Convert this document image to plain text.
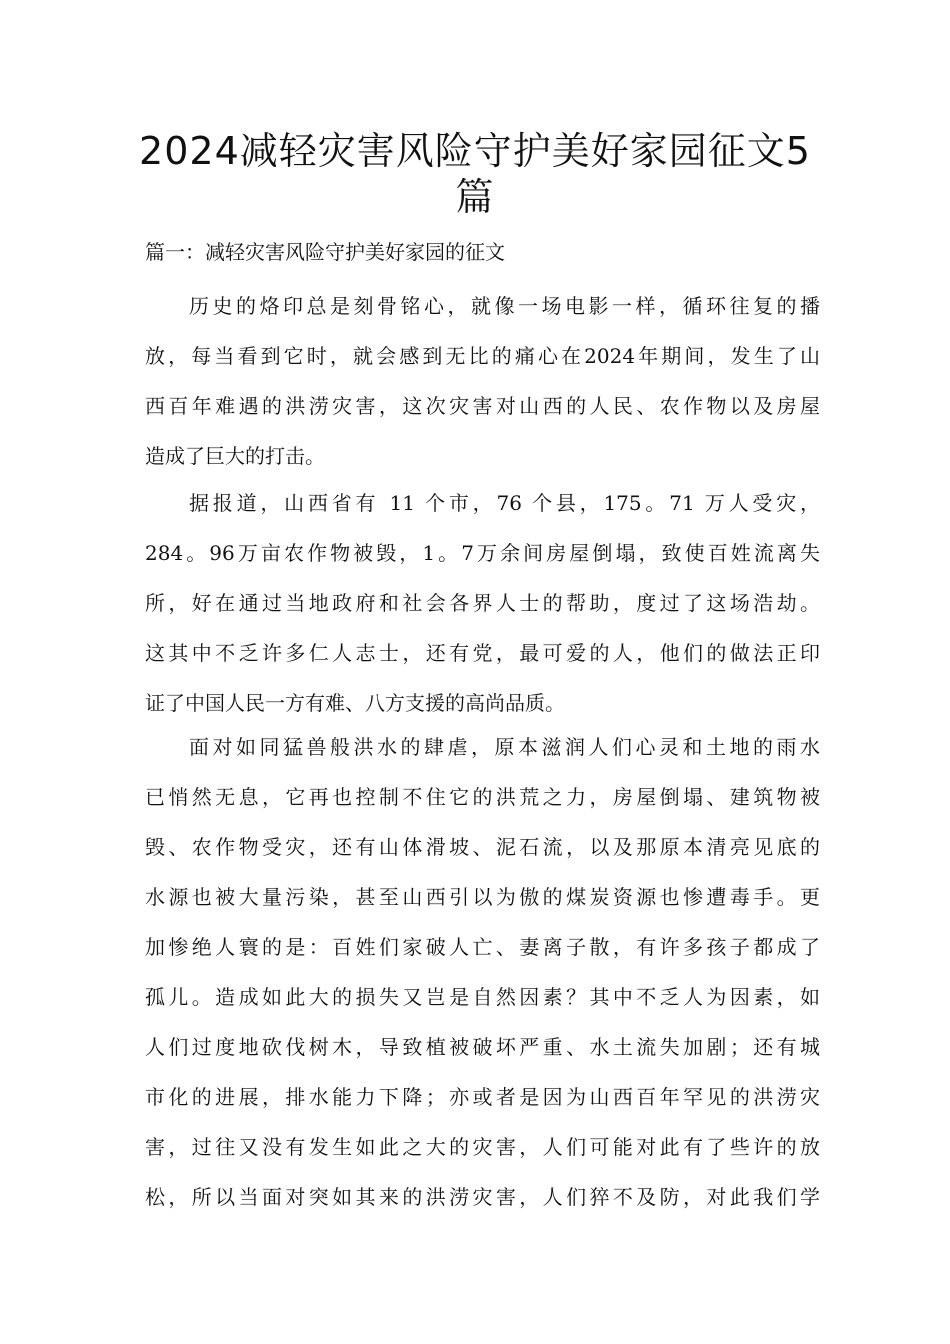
2024减轻灾害风险守护美好家园征文5
篇
篇一：减轻灾害风险守护美好家园的征文
历史的烙印总是刻骨铭心，就像一场电影一样，循环往复的播
放，每当看到它时，就会感到无比的痛心在2024年期间，发生了山
西百年难遇的洪涝灾害，这次灾害对山西的人民、农作物以及房屋
造成了巨大的打击。
据报道，山西省有 11 个市，76 个县，175。71 万人受灾，
284。96万亩农作物被毁，1。7万余间房屋倒塌，致使百姓流离失
所，好在通过当地政府和社会各界人士的帮助，度过了这场浩劫。
这其中不乏许多仁人志士，还有党，最可爱的人，他们的做法正印
证了中国人民一方有难、八方支援的高尚品质。
面对如同猛兽般洪水的肆虐，原本滋润人们心灵和土地的雨水
已悄然无息，它再也控制不住它的洪荒之力，房屋倒塌、建筑物被
毁、农作物受灾，还有山体滑坡、泥石流，以及那原本清亮见底的
水源也被大量污染，甚至山西引以为傲的煤炭资源也惨遭毒手。更
加惨绝人寰的是：百姓们家破人亡、妻离子散，有许多孩子都成了
孤儿。造成如此大的损失又岂是自然因素？其中不乏人为因素，如
人们过度地砍伐树木，导致植被破坏严重、水土流失加剧；还有城
市化的进展，排水能力下降；亦或者是因为山西百年罕见的洪涝灾
害，过往又没有发生如此之大的灾害，人们可能对此有了些许的放
松，所以当面对突如其来的洪涝灾害，人们猝不及防，对此我们学
